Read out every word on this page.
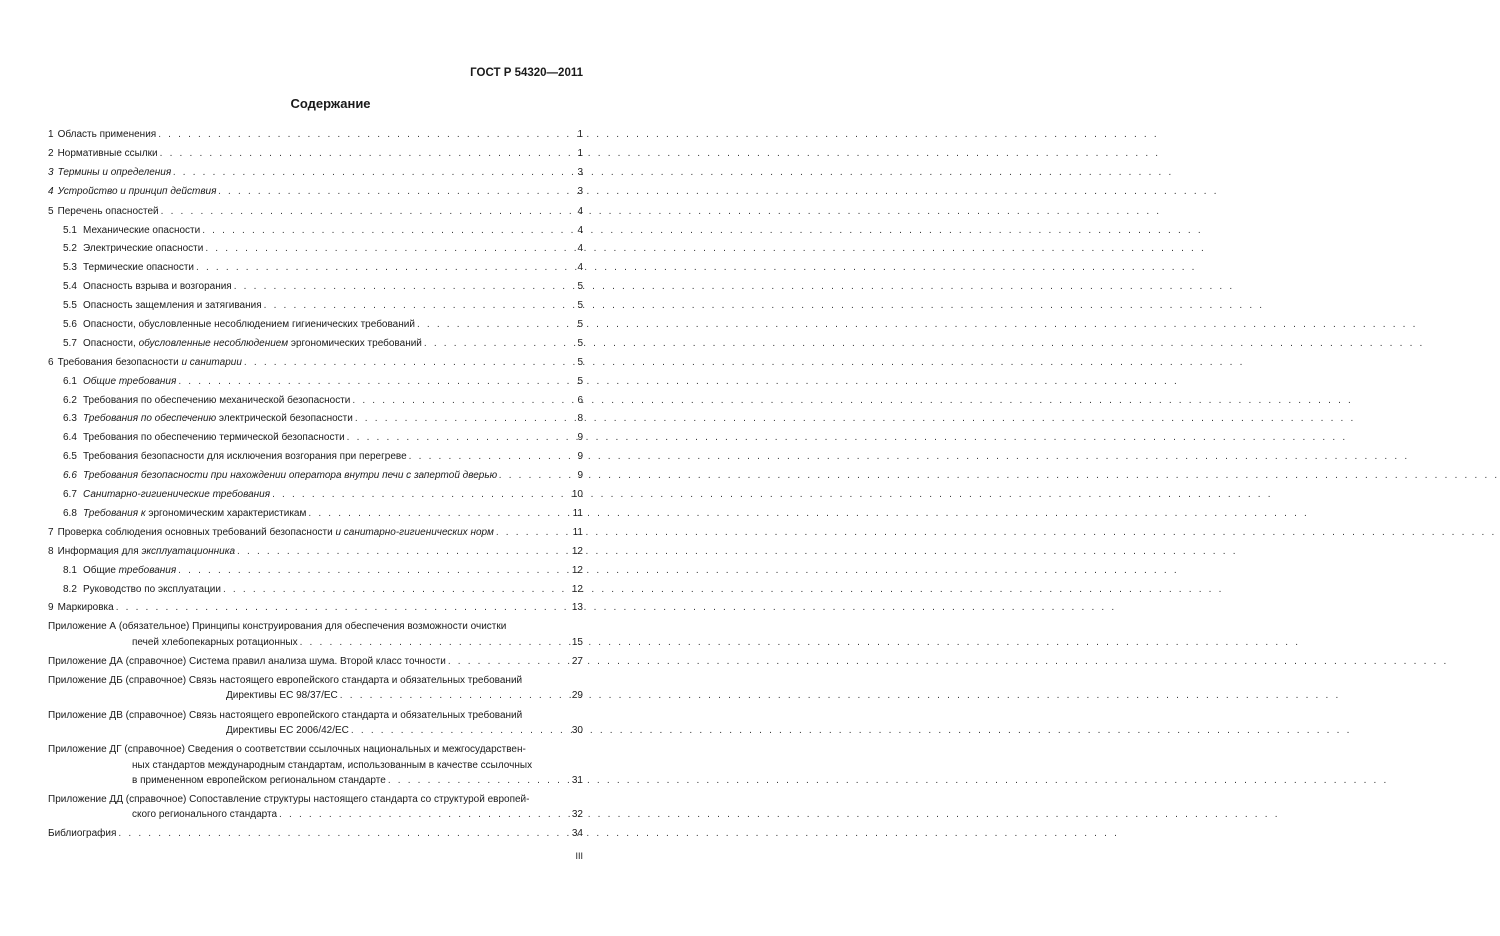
ГОСТ Р 54320—2011
Содержание
1 Область применения . . .	1
2 Нормативные ссылки . . .	1
3 Термины и определения . . .	3
4 Устройство и принцип действия . . .	3
5 Перечень опасностей . . .	4
5.1 Механические опасности . . .	4
5.2 Электрические опасности . . .	4
5.3 Термические опасности . . .	4
5.4 Опасность взрыва и возгорания . . .	5
5.5 Опасность защемления и затягивания . . .	5
5.6 Опасности, обусловленные несоблюдением гигиенических требований . . .	5
5.7 Опасности, обусловленные несоблюдением эргономических требований . . .	5
6 Требования безопасности и санитарии . . .	5
6.1 Общие требования . . .	5
6.2 Требования по обеспечению механической безопасности . . .	6
6.3 Требования по обеспечению электрической безопасности . . .	8
6.4 Требования по обеспечению термической безопасности . . .	9
6.5 Требования безопасности для исключения возгорания при перегреве . . .	9
6.6 Требования безопасности при нахождении оператора внутри печи с запертой дверью . . .	9
6.7 Санитарно-гигиенические требования . . .	10
6.8 Требования к эргономическим характеристикам . . .	11
7 Проверка соблюдения основных требований безопасности и санитарно-гигиенических норм . . .	11
8 Информация для эксплуатационника . . .	12
8.1 Общие требования . . .	12
8.2 Руководство по эксплуатации . . .	12
9 Маркировка . . .	13
Приложение А (обязательное) Принципы конструирования для обеспечения возможности очистки
печей хлебопекарных ротационных . . .	15
Приложение ДА (справочное) Система правил анализа шума. Второй класс точности . . .	27
Приложение ДБ (справочное) Связь настоящего европейского стандарта и обязательных требований
Директивы ЕС 98/37/ЕС . . .	29
Приложение ДВ (справочное) Связь настоящего европейского стандарта и обязательных требований
Директивы ЕС 2006/42/ЕС . . .	30
Приложение ДГ (справочное) Сведения о соответствии ссылочных национальных и межгосударствен-
ных стандартов международным стандартам, использованным в качестве ссылочных
в примененном европейском региональном стандарте . . .	31
Приложение ДД (справочное) Сопоставление структуры настоящего стандарта со структурой европей-
ского регионального стандарта . . .	32
Библиография . . .	34
III
